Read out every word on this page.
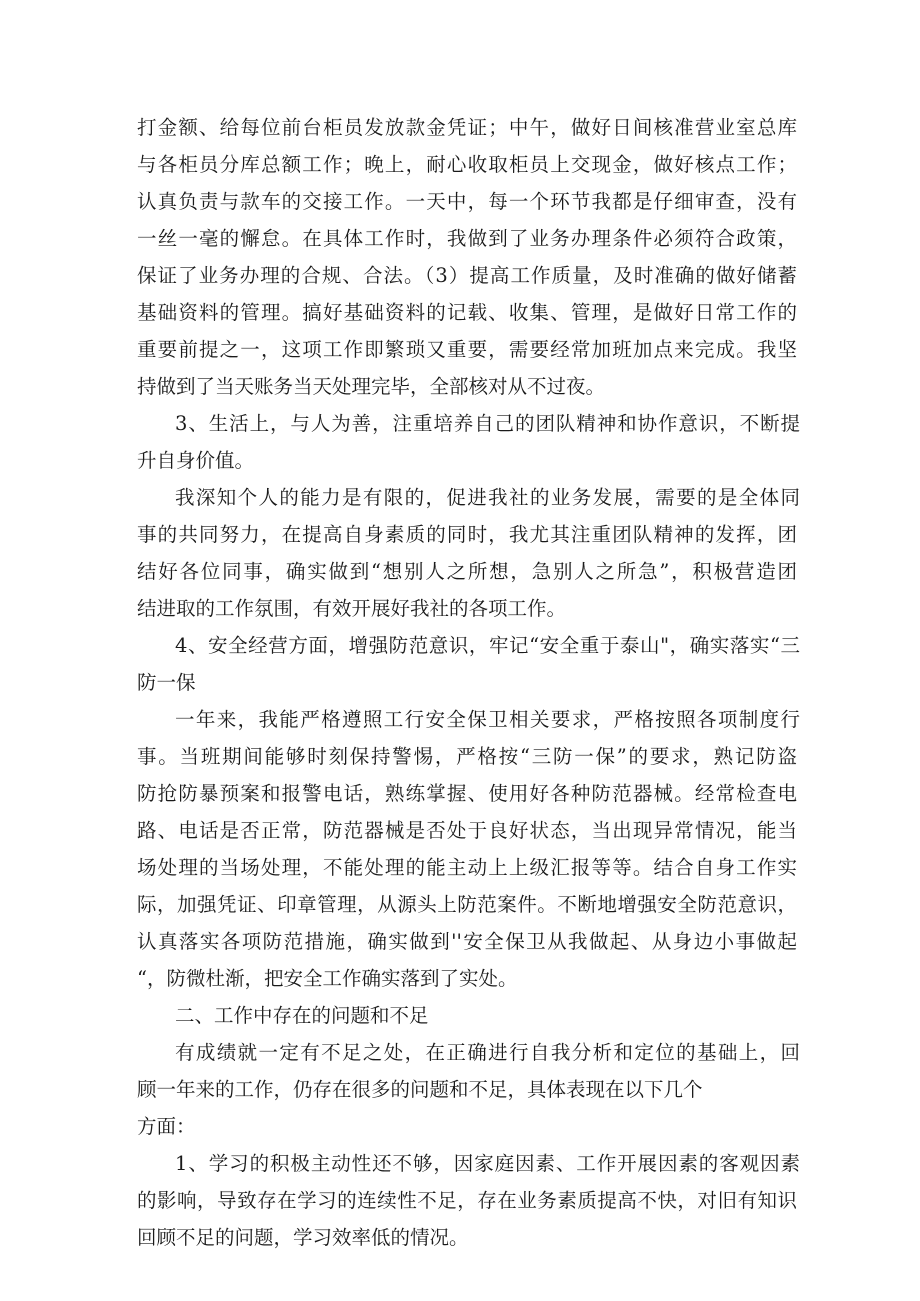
打金额、给每位前台柜员发放款金凭证；中午，做好日间核准营业室总库
与各柜员分库总额工作；晚上，耐心收取柜员上交现金，做好核点工作；
认真负责与款车的交接工作。一天中，每一个环节我都是仔细审查，没有
一丝一毫的懈怠。在具体工作时，我做到了业务办理条件必须符合政策，
保证了业务办理的合规、合法。（3）提高工作质量，及时准确的做好储蓄
基础资料的管理。搞好基础资料的记载、收集、管理，是做好日常工作的
重要前提之一，这项工作即繁琐又重要，需要经常加班加点来完成。我坚
持做到了当天账务当天处理完毕，全部核对从不过夜。
3、生活上，与人为善，注重培养自己的团队精神和协作意识，不断提
升自身价值。
我深知个人的能力是有限的，促进我社的业务发展，需要的是全体同
事的共同努力，在提高自身素质的同时，我尤其注重团队精神的发挥，团
结好各位同事，确实做到“想别人之所想，急别人之所急”，积极营造团
结进取的工作氛围，有效开展好我社的各项工作。
4、安全经营方面，增强防范意识，牢记“安全重于泰山"，确实落实“三
防一保
一年来，我能严格遵照工行安全保卫相关要求，严格按照各项制度行
事。当班期间能够时刻保持警惕，严格按“三防一保”的要求，熟记防盗
防抢防暴预案和报警电话，熟练掌握、使用好各种防范器械。经常检查电
路、电话是否正常，防范器械是否处于良好状态，当出现异常情况，能当
场处理的当场处理，不能处理的能主动上上级汇报等等。结合自身工作实
际，加强凭证、印章管理，从源头上防范案件。不断地增强安全防范意识，
认真落实各项防范措施，确实做到''安全保卫从我做起、从身边小事做起
“，防微杜渐，把安全工作确实落到了实处。
二、工作中存在的问题和不足
有成绩就一定有不足之处，在正确进行自我分析和定位的基础上，回
顾一年来的工作，仍存在很多的问题和不足，具体表现在以下几个
方面：
1、学习的积极主动性还不够，因家庭因素、工作开展因素的客观因素
的影响，导致存在学习的连续性不足，存在业务素质提高不快，对旧有知识
回顾不足的问题，学习效率低的情况。
